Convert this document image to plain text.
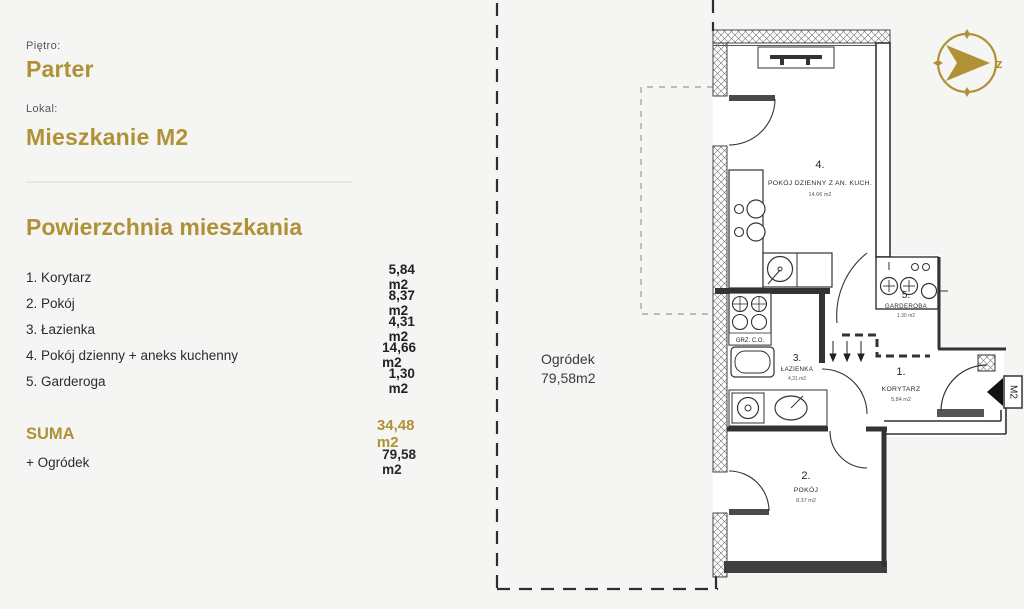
Piętro:
Parter
Lokal:
Mieszkanie M2
Powierzchnia mieszkania
1. Korytarz	5,84 m2
2. Pokój	8,37 m2
3. Łazienka	4,31 m2
4. Pokój dzienny + aneks kuchenny	14,66 m2
5. Garderoga	1,30 m2
SUMA	34,48 m2
+ Ogródek	79,58 m2
GRZ. C.O.
M2
z
Ogródek
79,58m2
4.
POKÓJ DZIENNY Z AN. KUCH.
14.66 m2
5.
GARDEROBA
1.30 m2
3.
ŁAZIENKA
4,31 m2
1.
KORYTARZ
5,84 m2
2.
POKÓJ
8.37 m2
